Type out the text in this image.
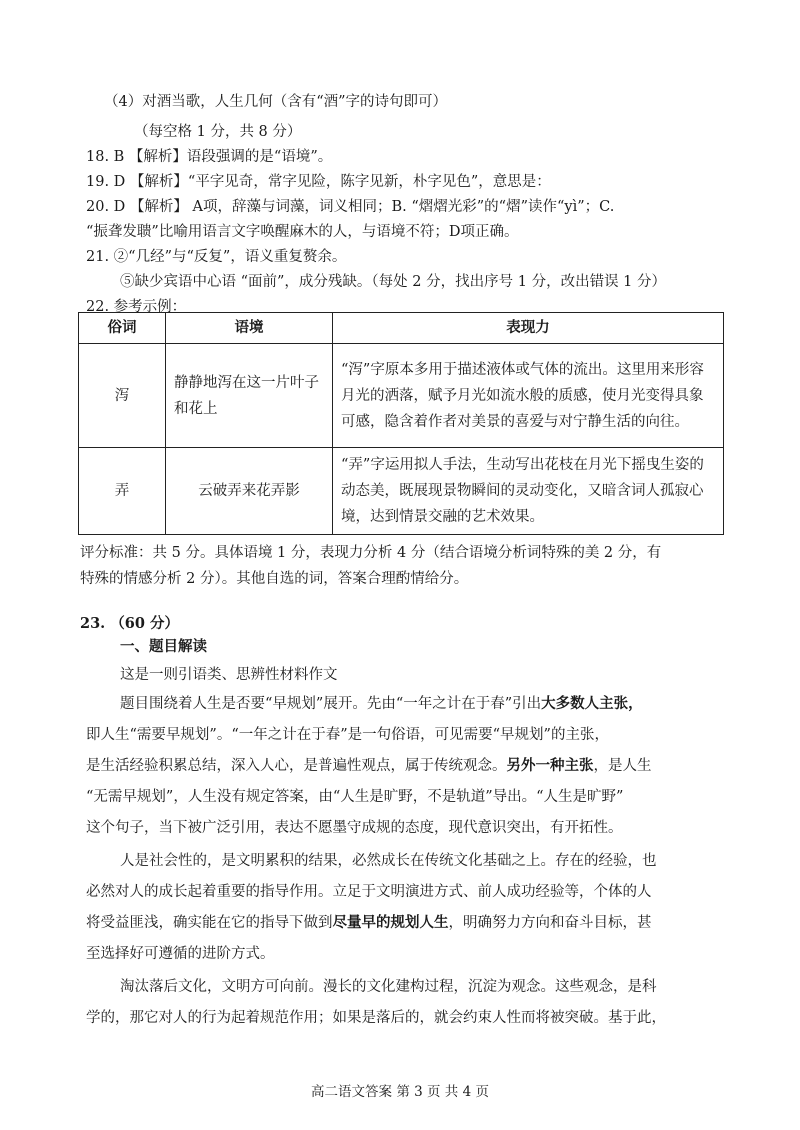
（4）对酒当歌，人生几何（含有“酒”字的诗句即可）
（每空格 1 分，共 8 分）
18. B 【解析】语段强调的是“语境”。
19. D 【解析】“平字见奇，常字见险，陈字见新，朴字见色”，意思是：
20. D 【解析】 A项，辞藻与词藻，词义相同；B. “熠熠光彩”的“熠”读作“yì”；C.
“振聋发聩”比喻用语言文字唤醒麻木的人，与语境不符；D项正确。
21. ②“几经”与“反复”，语义重复赘余。
⑤缺少宾语中心语 “面前”，成分残缺。（每处 2 分，找出序号 1 分，改出错误 1 分）
22. 参考示例：
俗词	语境	表现力
泻	静静地泻在这一片叶子和花上	“泻”字原本多用于描述液体或气体的流出。这里用来形容月光的洒落，赋予月光如流水般的质感，使月光变得具象可感，隐含着作者对美景的喜爱与对宁静生活的向往。
弄	云破弄来花弄影	“弄”字运用拟人手法，生动写出花枝在月光下摇曳生姿的动态美，既展现景物瞬间的灵动变化，又暗含词人孤寂心境，达到情景交融的艺术效果。
评分标准：共 5 分。具体语境 1 分，表现力分析 4 分（结合语境分析词特殊的美 2 分，有
特殊的情感分析 2 分）。其他自选的词，答案合理酌情给分。
23. （60 分）
一、题目解读
这是一则引语类、思辨性材料作文
题目围绕着人生是否要“早规划”展开。先由“一年之计在于春”引出大多数人主张，
即人生“需要早规划”。“一年之计在于春”是一句俗语，可见需要“早规划”的主张，
是生活经验积累总结，深入人心，是普遍性观点，属于传统观念。另外一种主张，是人生
“无需早规划”，人生没有规定答案，由“人生是旷野，不是轨道”导出。“人生是旷野”
这个句子，当下被广泛引用，表达不愿墨守成规的态度，现代意识突出，有开拓性。
人是社会性的，是文明累积的结果，必然成长在传统文化基础之上。存在的经验，也
必然对人的成长起着重要的指导作用。立足于文明演进方式、前人成功经验等，个体的人
将受益匪浅，确实能在它的指导下做到尽量早的规划人生，明确努力方向和奋斗目标，甚
至选择好可遵循的进阶方式。
淘汰落后文化，文明方可向前。漫长的文化建构过程，沉淀为观念。这些观念，是科
学的，那它对人的行为起着规范作用；如果是落后的，就会约束人性而将被突破。基于此，
高二语文答案 第 3 页 共 4 页
